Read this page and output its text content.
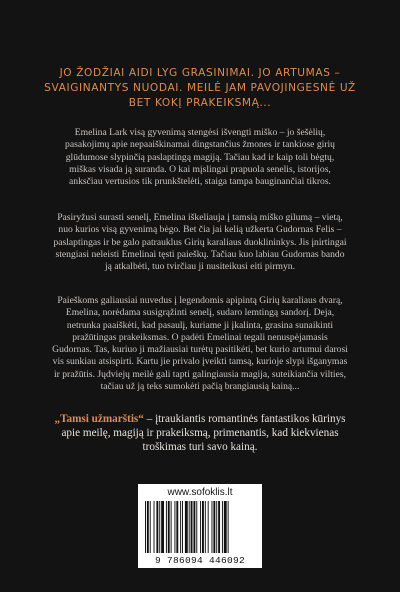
JO ŽODŽIAI AIDI LYG GRASINIMAI. JO ARTUMAS – SVAIGINANTYS NUODAI. MEILĖ JAM PAVOJINGESNĖ UŽ BET KOKĮ PRAKEIKSMĄ...
Emelina Lark visą gyvenimą stengėsi išvengti miško – jo šešėlių, pasakojimų apie nepaaiškinamai dingstančius žmones ir tankiose girių glūdumose slypinčią paslaptingą magiją. Tačiau kad ir kaip toli bėgtų, miškas visada ją suranda. O kai mįslingai prapuola senelis, istorijos, anksčiau vertusios tik prunkštelėti, staiga tampa bauginančiai tikros.
Pasiryžusi surasti senelį, Emelina iškeliauja į tamsią miško gilumą – vietą, nuo kurios visą gyvenimą bėgo. Bet čia jai kelią užkerta Gudornas Felis – paslaptingas ir be galo patrauklus Girių karaliaus duoklininkys. Jis įnirtingai stengiasi neleisti Emelinai tęsti paieškų. Tačiau kuo labiau Gudornas bando ją atkalbėti, tuo tvirčiau ji nusiteikusi eiti pirmyn.
Paieškoms galiausiai nuvedus į legendomis apipintą Girių karaliaus dvarą, Emelina, norėdama susigrąžinti senelį, sudaro lemtingą sandorį. Deja, netrunka paaiškėti, kad pasaulį, kuriame ji įkalinta, grasina sunaikinti pražūtingas prakeiksmas. O padėti Emelinai tegali nenuspėjamasis Gudornas. Tas, kuriuo ji mažiausiai turėtų pasitikėti, bet kurio artumui darosi vis sunkiau atsispirti. Kartu jie privalo įveikti tamsą, kurioje slypi išganymas ir pražūtis. Jųdviejų meilė gali tapti galingiausia magija, suteikiančia vilties, tačiau už ją teks sumokėti pačią brangiausią kainą...
„Tamsi užmarštis“ – įtraukiantis romantinės fantastikos kūrinys apie meilę, magiją ir prakeiksmą, primenantis, kad kiekvienas troškimas turi savo kainą.
www.sofoklis.lt
9 786094 446092
